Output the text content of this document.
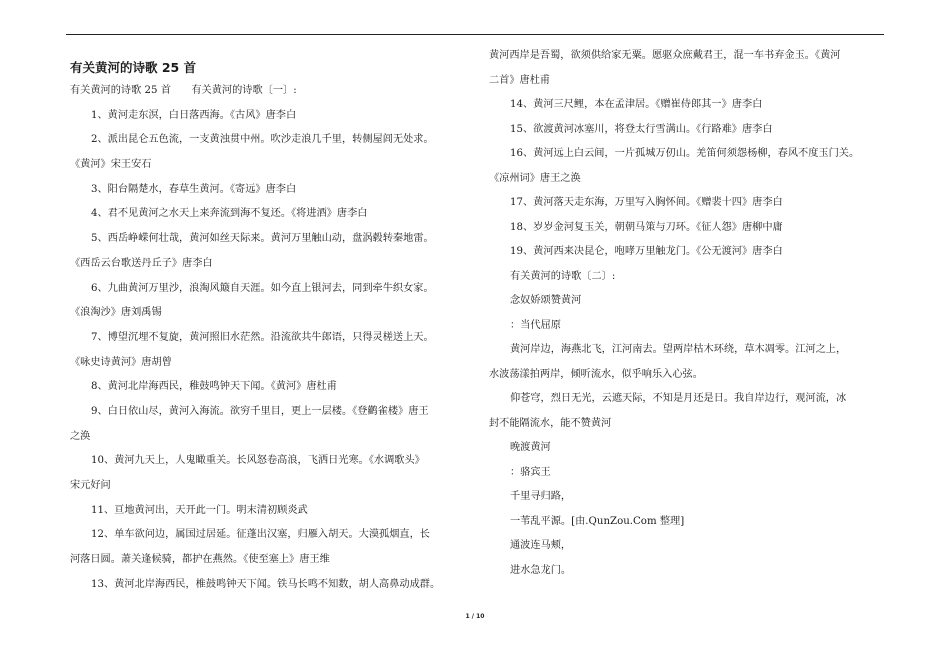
有关黄河的诗歌 25 首
有关黄河的诗歌 25 首　　有关黄河的诗歌〔一〕:
1、黄河走东溟，白日落西海。《古风》唐李白
2、派出昆仑五色流，一支黄浊贯中州。吹沙走浪几千里，转侧屋闾无处求。
《黄河》宋王安石
3、阳台隔楚水，春草生黄河。《寄远》唐李白
4、君不见黄河之水天上来奔流到海不复还。《将进酒》唐李白
5、西岳峥嵘何壮哉，黄河如丝天际来。黄河万里触山动，盘涡毂转秦地雷。
《西岳云台歌送丹丘子》唐李白
6、九曲黄河万里沙，浪淘风簸自天涯。如今直上银河去，同到牵牛织女家。
《浪淘沙》唐刘禹锡
7、博望沉埋不复旋，黄河照旧水茫然。沿流欲共牛郎语，只得灵槎送上天。
《咏史诗黄河》唐胡曾
8、黄河北岸海西民，稚鼓鸣钟天下闻。《黄河》唐杜甫
9、白日依山尽，黄河入海流。欲穷千里目，更上一层楼。《登鹳雀楼》唐王
之涣
10、黄河九天上，人鬼瞰重关。长风怒卷高浪，飞洒日光寒。《水调歌头》
宋元好问
11、亘地黄河出，天开此一门。明末清初顾炎武
12、单车欲问边，属国过居延。征蓬出汉塞，归雁入胡天。大漠孤烟直，长
河落日圆。萧关逢候骑，都护在燕然。《使至塞上》唐王维
13、黄河北岸海西民，椎鼓鸣钟天下闻。铁马长鸣不知数，胡人高鼻动成群。
黄河西岸是吾蜀，欲须供给家无粟。愿驱众庶戴君王，混一车书弃金玉。《黄河
二首》唐杜甫
14、黄河三尺鲤，本在孟津居。《赠崔侍郎其一》唐李白
15、欲渡黄河冰塞川，将登太行雪满山。《行路难》唐李白
16、黄河远上白云间，一片孤城万仞山。羌笛何须怨杨柳，春风不度玉门关。
《凉州词》唐王之涣
17、黄河落天走东海，万里写入胸怀间。《赠裴十四》唐李白
18、岁岁金河复玉关，朝朝马策与刀环。《征人怨》唐柳中庸
19、黄河西来决昆仑，咆哮万里触龙门。《公无渡河》唐李白
有关黄河的诗歌〔二〕:
念奴娇颂赞黄河
：当代屈原
黄河岸边，海燕北飞，江河南去。望两岸枯木环绕，草木凋零。江河之上，
水波荡漾拍两岸，倾听流水，似乎响乐入心弦。
仰苍穹，烈日无光，云遮天际，不知是月还是日。我自岸边行，观河流，冰
封不能隔流水，能不赞黄河
晚渡黄河
：骆宾王
千里寻归路，
一苇乱平源。[由.QunZou.Com 整理]
通波连马颊，
进水急龙门。
1 / 10
